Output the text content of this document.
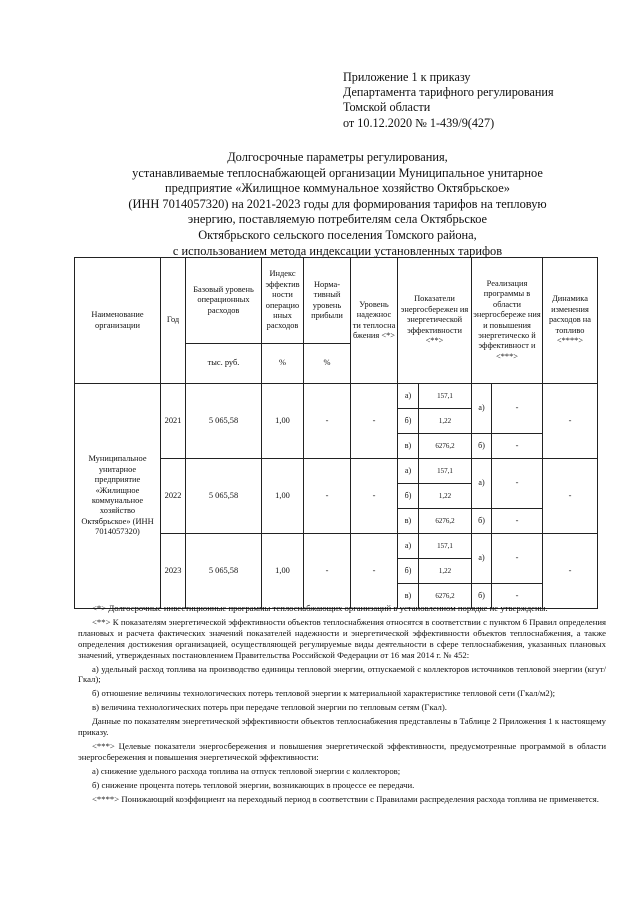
Приложение 1 к приказу
Департамента тарифного регулирования
Томской области
от 10.12.2020 № 1-439/9(427)
Долгосрочные параметры регулирования,
устанавливаемые теплоснабжающей организации Муниципальное унитарное
предприятие «Жилищное коммунальное хозяйство Октябрьское»
(ИНН 7014057320) на 2021-2023 годы для формирования тарифов на тепловую
энергию, поставляемую потребителям села Октябрьское
Октябрьского сельского поселения Томского района,
с использованием метода индексации установленных тарифов
Наименование организации	Год	Базовый уровень операционных расходов	Индекс эффектив ности операцио нных расходов	Норма-тивный уровень прибыли	Уровень надежнос ти теплосна бжения <*>	Показатели энергосбережен ия энергетической эффективности <**>		Реализация программы в области энергосбереже ния и повышения энергетическо й эффективност и <***>		Динамика изменения расходов на топливо <****>
		тыс. руб.	%	%						
Муниципальное унитарное предприятие «Жилищное коммунальное хозяйство Октябрьское» (ИНН 7014057320)	2021	5 065,58	1,00	-	-	а)	157,1	а)	-	-
						б)	1,22			
						в)	6276,2	б)	-	
	2022	5 065,58	1,00	-	-	а)	157,1	а)	-	-
						б)	1,22			
						в)	6276,2	б)	-	
	2023	5 065,58	1,00	-	-	а)	157,1	а)	-	-
						б)	1,22			
						в)	6276,2	б)	-	

<*> Долгосрочные инвестиционные программы теплоснабжающих организаций в установленном порядке не утверждены.

<**> К показателям энергетической эффективности объектов теплоснабжения относятся в соответствии с пунктом 6 Правил определения плановых и расчета фактических значений показателей надежности и энергетической эффективности объектов теплоснабжения, а также определения достижения организацией, осуществляющей регулируемые виды деятельности в сфере теплоснабжения, указанных плановых значений, утвержденных постановлением Правительства Российской Федерации от 16 мая 2014 г. № 452:

а) удельный расход топлива на производство единицы тепловой энергии, отпускаемой с коллекторов источников тепловой энергии (кгут/Гкал);

б) отношение величины технологических потерь тепловой энергии к материальной характеристике тепловой сети (Гкал/м2);

в) величина технологических потерь при передаче тепловой энергии по тепловым сетям (Гкал).

Данные по показателям энергетической эффективности объектов теплоснабжения представлены в Таблице 2 Приложения 1 к настоящему приказу.

<***> Целевые показатели энергосбережения и повышения энергетической эффективности, предусмотренные программой в области энергосбережения и повышения энергетической эффективности:

а) снижение удельного расхода топлива на отпуск тепловой энергии с коллекторов;

б) снижение процента потерь тепловой энергии, возникающих в процессе ее передачи.

<****> Понижающий коэффициент на переходный период в соответствии с Правилами распределения расхода топлива не применяется.
